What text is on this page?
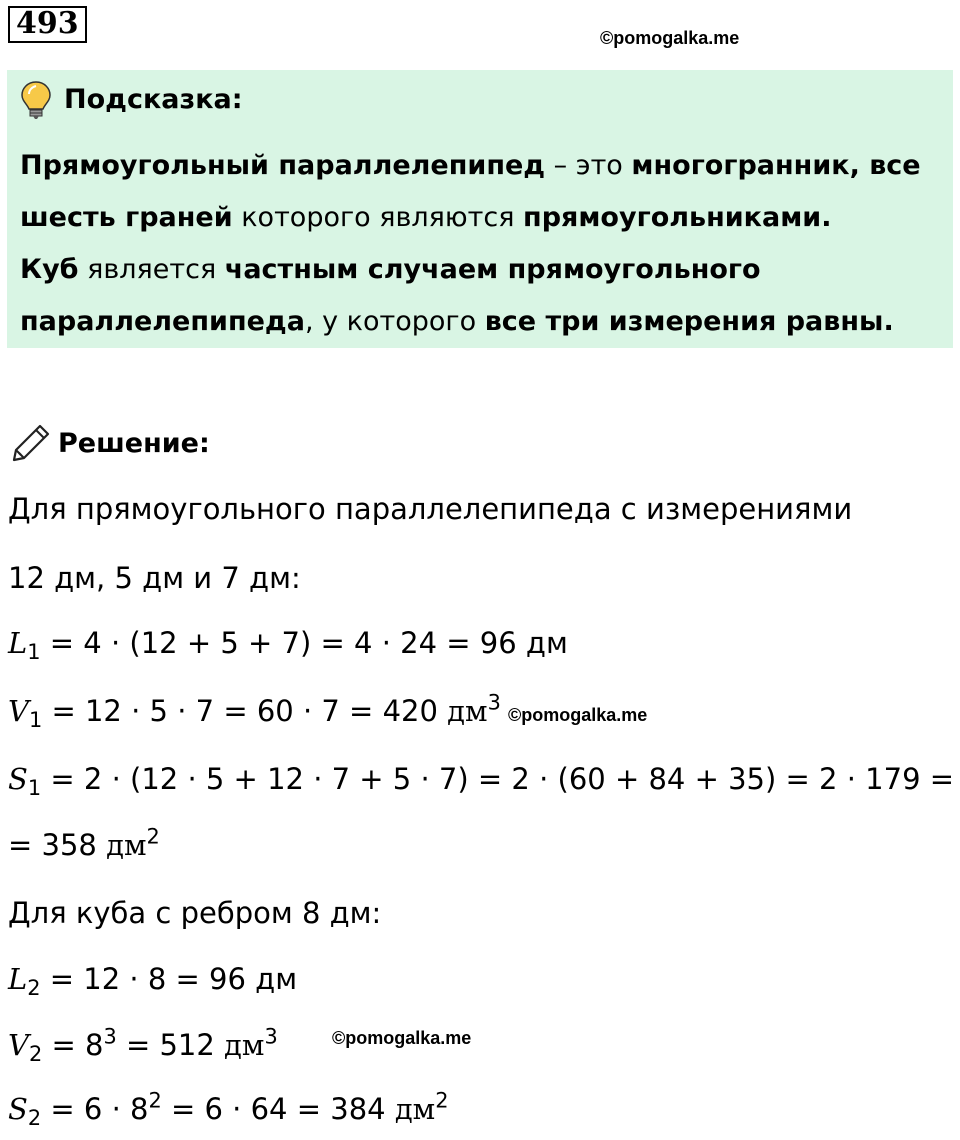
493	©pomogalka.me
Подсказка:
Прямоугольный параллелепипед – это многогранник, все
шесть граней которого являются прямоугольниками.
Куб является частным случаем прямоугольного
параллелепипеда, у которого все три измерения равны.
Решение:
Для прямоугольного параллелепипеда с измерениями
12 дм, 5 дм и 7 дм:
$L_1 = 4 \cdot (12 + 5 + 7) = 4 \cdot 24 = 96$ дм
$V_1 = 12 \cdot 5 \cdot 7 = 60 \cdot 7 = 420$ $дм^3$
©pomogalka.me
$S_1 = 2 \cdot (12 \cdot 5 + 12 \cdot 7 + 5 \cdot 7) = 2 \cdot (60 + 84 + 35) = 2 \cdot 179$ =
= 358 $дм^2$
Для куба с ребром 8 дм:
$L_2 = 12 \cdot 8 = 96$ дм
$V_2 = 8^3 = 512$ $дм^3$	©pomogalka.me
$S_2 = 6 \cdot 8^2 = 6 \cdot 64 = 384$ $дм^2$
